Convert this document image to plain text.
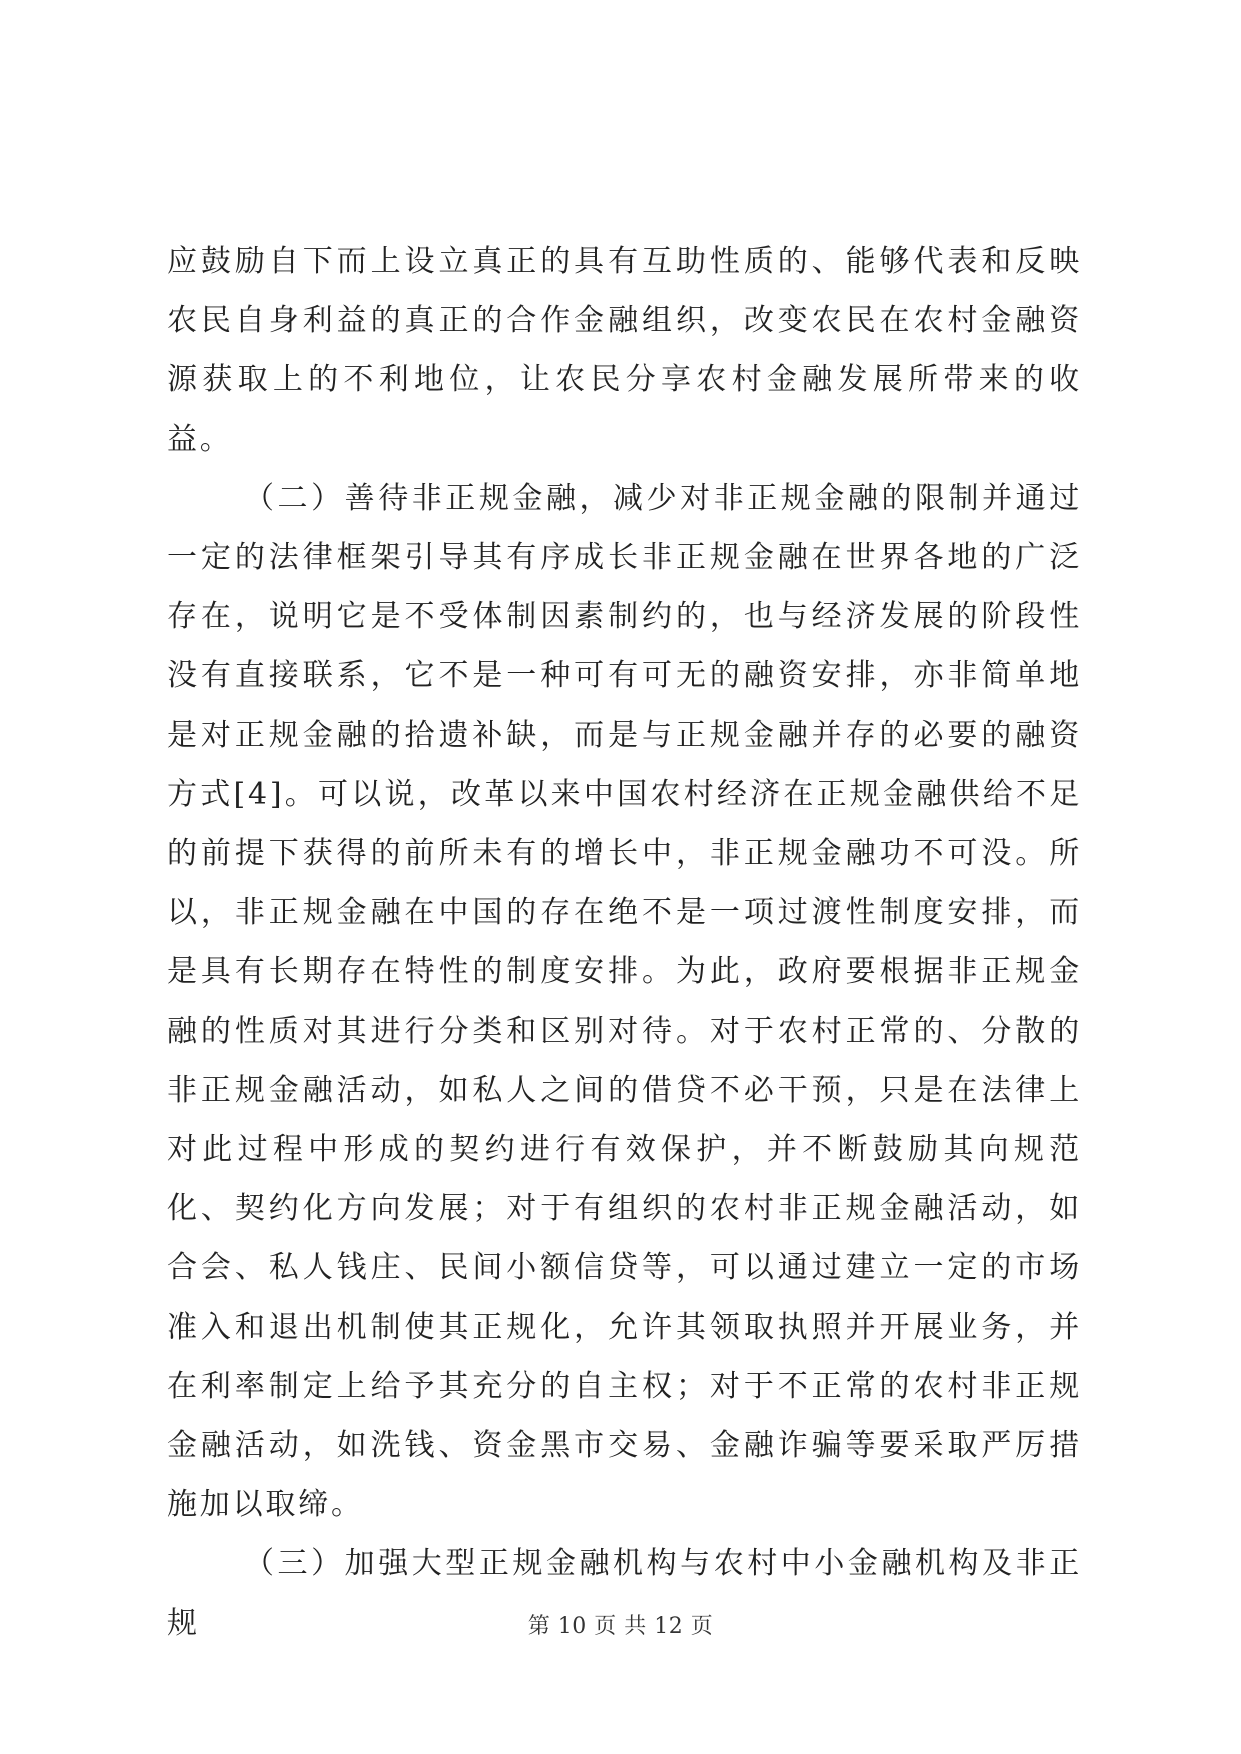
应鼓励自下而上设立真正的具有互助性质的、能够代表和反映农民自身利益的真正的合作金融组织，改变农民在农村金融资源获取上的不利地位，让农民分享农村金融发展所带来的收益。

（二）善待非正规金融，减少对非正规金融的限制并通过一定的法律框架引导其有序成长非正规金融在世界各地的广泛存在，说明它是不受体制因素制约的，也与经济发展的阶段性没有直接联系，它不是一种可有可无的融资安排，亦非简单地是对正规金融的拾遗补缺，而是与正规金融并存的必要的融资方式[4]。可以说，改革以来中国农村经济在正规金融供给不足的前提下获得的前所未有的增长中，非正规金融功不可没。所以，非正规金融在中国的存在绝不是一项过渡性制度安排，而是具有长期存在特性的制度安排。为此，政府要根据非正规金融的性质对其进行分类和区别对待。对于农村正常的、分散的非正规金融活动，如私人之间的借贷不必干预，只是在法律上对此过程中形成的契约进行有效保护，并不断鼓励其向规范化、契约化方向发展；对于有组织的农村非正规金融活动，如合会、私人钱庄、民间小额信贷等，可以通过建立一定的市场准入和退出机制使其正规化，允许其领取执照并开展业务，并在利率制定上给予其充分的自主权；对于不正常的农村非正规金融活动，如洗钱、资金黑市交易、金融诈骗等要采取严厉措施加以取缔。

（三）加强大型正规金融机构与农村中小金融机构及非正规	第 10 页 共 12 页
